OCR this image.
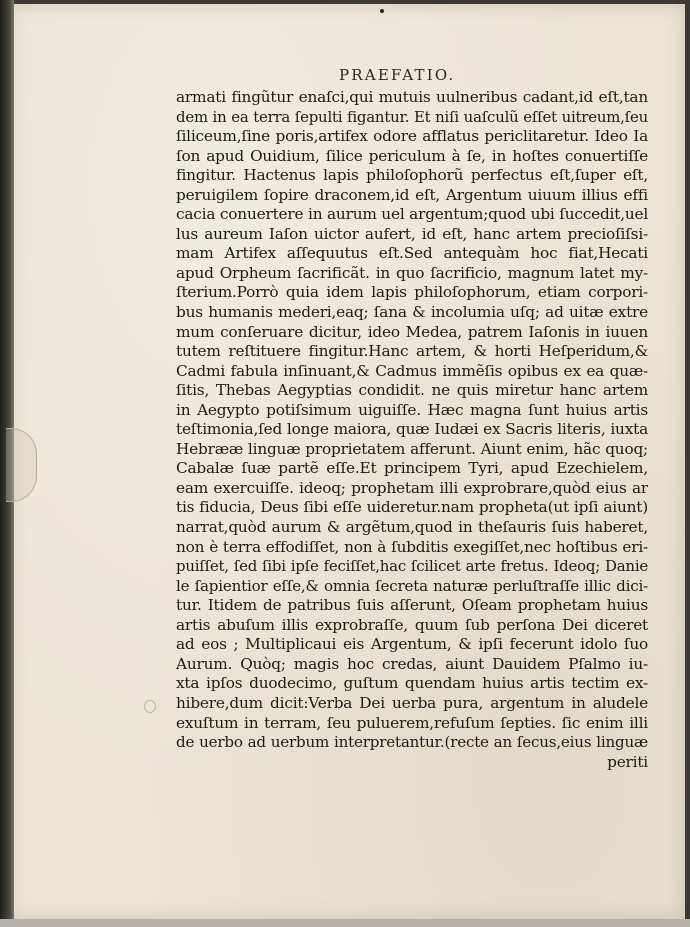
PRAEFATIO.
armati fingũtur enaſci,qui mutuis uulneribus cadant,id eſt,tan
dem in ea terra ſepulti figantur. Et niſi uaſculũ eſſet uitreum,ſeu
ſiliceum,ſine poris,artifex odore afflatus periclitaretur. Ideo Ia
ſon apud Ouidium, ſilice periculum à ſe, in hoſtes conuertiſſe
fingitur. Hactenus lapis philoſophorũ perfectus eſt,ſuper eſt,
peruigilem ſopire draconem,id eſt, Argentum uiuum illius effi
cacia conuertere in aurum uel argentum;quod ubi ſuccedit,uel
lus aureum Iaſon uictor aufert, id eſt, hanc artem precioſiſsi-
mam Artifex aſſequutus eſt.Sed antequàm hoc fiat,Hecati
apud Orpheum ſacrificãt. in quo ſacrificio, magnum latet my-
ſterium.Porrò quia idem lapis philoſophorum, etiam corpori-
bus humanis mederi,eaq; ſana & incolumia uſq; ad uitæ extre
mum conſeruare dicitur, ideo Medea, patrem Iaſonis in iuuen
tutem reſtituere fingitur.Hanc artem, & horti Heſperidum,&
Cadmi fabula inſinuant,& Cadmus immẽſis opibus ex ea quæ-
ſitis, Thebas Aegyptias condidit. ne quis miretur hanc artem
in Aegypto potiſsimum uiguiſſe. Hæc magna ſunt huius artis
teſtimonia,ſed longe maiora, quæ Iudæi ex Sacris literis, iuxta
Hebrææ linguæ proprietatem afferunt. Aiunt enim, hãc quoq;
Cabalæ ſuæ partẽ eſſe.Et principem Tyri, apud Ezechielem,
eam exercuiſſe. ideoq; prophetam illi exprobrare,quòd eius ar
tis fiducia, Deus ſibi eſſe uideretur.nam propheta(ut ipſi aiunt)
narrat,quòd aurum & argẽtum,quod in theſauris ſuis haberet,
non è terra effodiſſet, non à ſubditis exegiſſet,nec hoſtibus eri-
puiſſet, ſed ſibi ipſe feciſſet,hac ſcilicet arte fretus. Ideoq; Danie
le ſapientior eſſe,& omnia ſecreta naturæ perluſtraſſe illic dici-
tur. Itidem de patribus ſuis aſſerunt, Oſeam prophetam huius
artis abuſum illis exprobraſſe, quum ſub perſona Dei diceret
ad eos ; Multiplicaui eis Argentum, & ipſi fecerunt idolo ſuo
Aurum. Quòq; magis hoc credas, aiunt Dauidem Pſalmo iu-
xta ipſos duodecimo, guſtum quendam huius artis tectim ex-
hibere,dum dicit:Verba Dei uerba pura, argentum in aludele
exuſtum in terram, ſeu puluerem,refuſum ſepties. ſic enim illi
de uerbo ad uerbum interpretantur.(recte an ſecus,eius linguæ
periti
